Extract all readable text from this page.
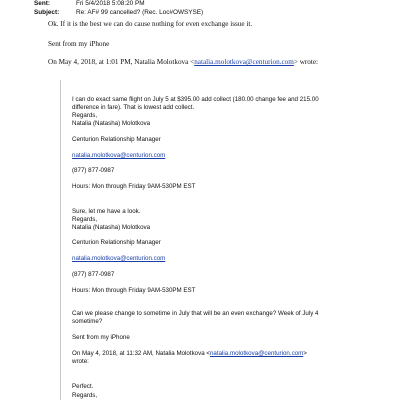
Sent:	Fri 5/4/2018 5:08:20 PM
Subject:	Re: AF# 99 cancelled? (Rec. Loc#OWSYSE)
Ok. If it is the best we can do cause nothing for even exchange issue it.
Sent from my iPhone
On May 4, 2018, at 1:01 PM, Natalia Molotkova <natalia.molotkova@centurion.com> wrote:
I can do exact same flight on July 5 at $395.00 add collect (180.00 change fee and 215.00
difference in fare). That is lowest add collect.
Regards,
Natalia (Natasha) Molotkova
Centurion Relationship Manager
natalia.molotkova@centurion.com
(877) 877-0987
Hours: Mon through Friday 9AM-530PM EST
Sure, let me have a look.
Regards,
Natalia (Natasha) Molotkova
Centurion Relationship Manager
natalia.molotkova@centurion.com
(877) 877-0987
Hours: Mon through Friday 9AM-530PM EST
Can we please change to sometime in July that will be an even exchange? Week of July 4
sometime?
Sent from my iPhone
On May 4, 2018, at 11:32 AM, Natalia Molotkova <natalia.molotkova@centurion.com>
wrote:
Perfect.
Regards,
